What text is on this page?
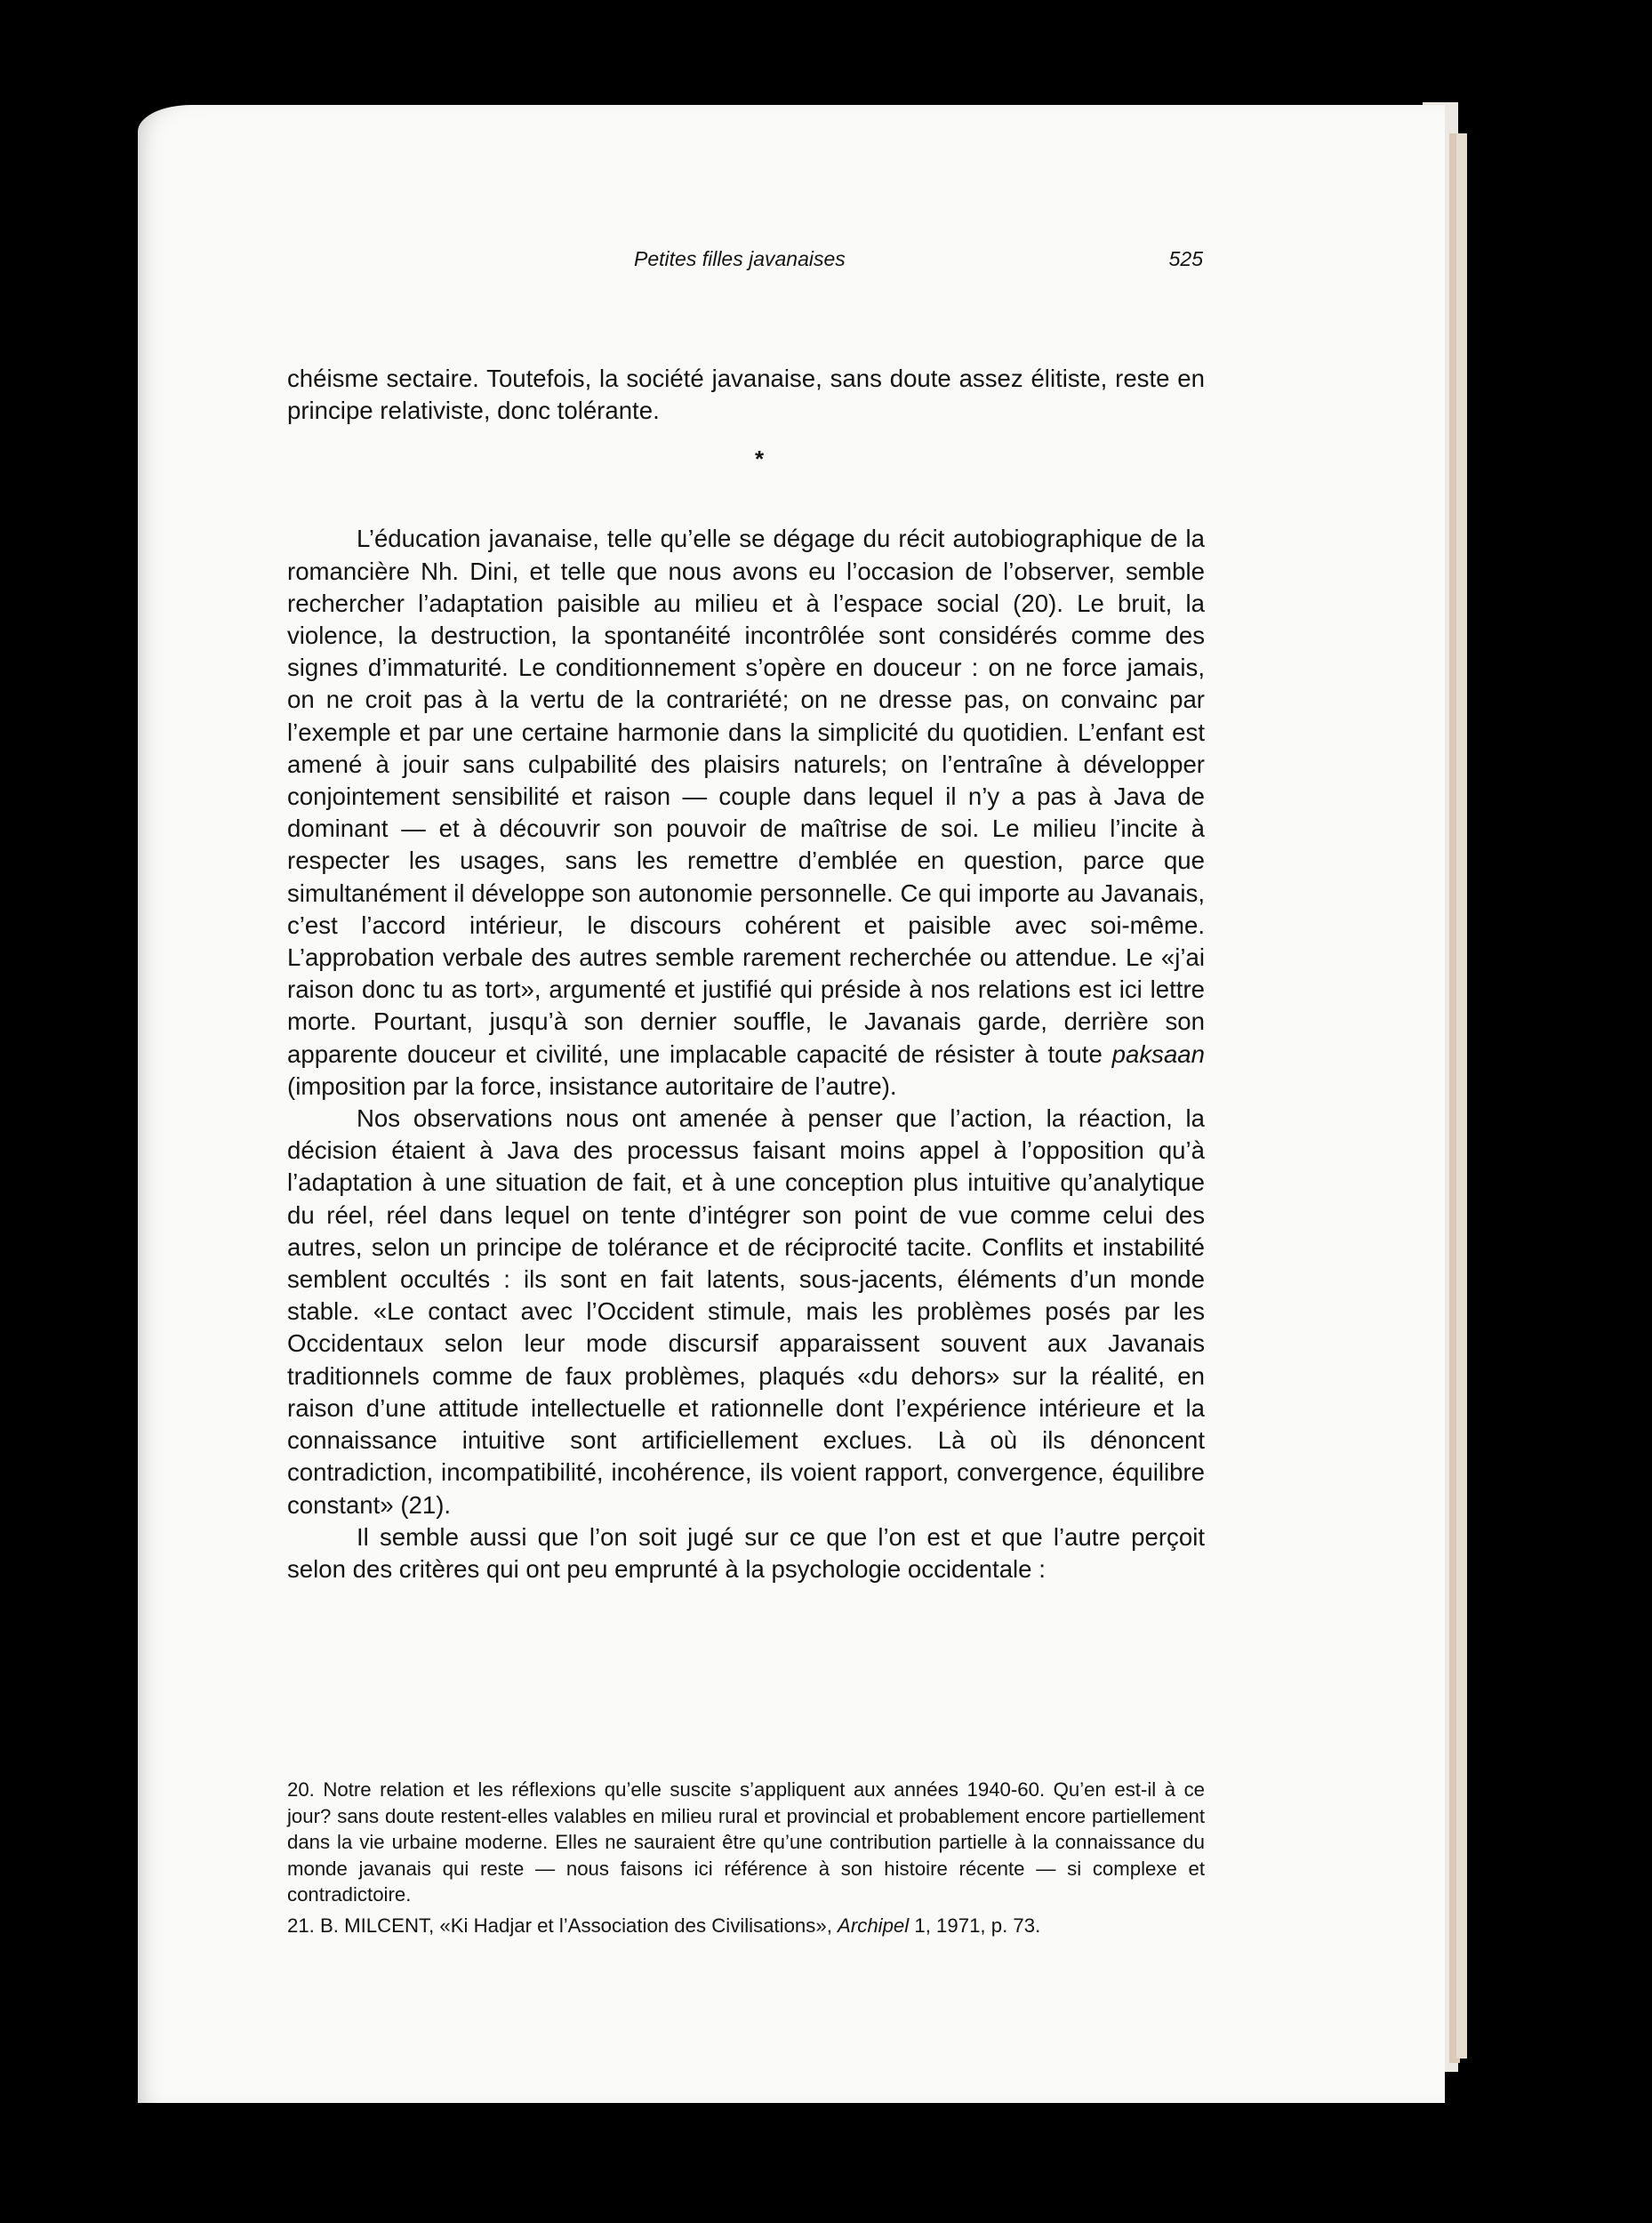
Petites filles javanaises	525

chéisme sectaire. Toutefois, la société javanaise, sans doute assez élitiste, reste en principe relativiste, donc tolérante.

*

L’éducation javanaise, telle qu’elle se dégage du récit autobiographique de la romancière Nh. Dini, et telle que nous avons eu l’occasion de l’observer, semble rechercher l’adaptation paisible au milieu et à l’espace social (20). Le bruit, la violence, la destruction, la spontanéité incontrôlée sont considérés comme des signes d’immaturité. Le conditionnement s’opère en douceur : on ne force jamais, on ne croit pas à la vertu de la contrariété; on ne dresse pas, on convainc par l’exemple et par une certaine harmonie dans la simplicité du quotidien. L’enfant est amené à jouir sans culpabilité des plaisirs naturels; on l’entraîne à développer conjointement sensibilité et raison — couple dans lequel il n’y a pas à Java de dominant — et à découvrir son pouvoir de maîtrise de soi. Le milieu l’incite à respecter les usages, sans les remettre d’emblée en question, parce que simultanément il développe son autonomie personnelle. Ce qui importe au Javanais, c’est l’accord intérieur, le discours cohérent et paisible avec soi-même. L’approbation verbale des autres semble rarement recherchée ou attendue. Le «j’ai raison donc tu as tort», argumenté et justifié qui préside à nos relations est ici lettre morte. Pourtant, jusqu’à son dernier souffle, le Javanais garde, derrière son apparente douceur et civilité, une implacable capacité de résister à toute paksaan (imposition par la force, insistance autoritaire de l’autre).

Nos observations nous ont amenée à penser que l’action, la réaction, la décision étaient à Java des processus faisant moins appel à l’opposition qu’à l’adaptation à une situation de fait, et à une conception plus intuitive qu’analytique du réel, réel dans lequel on tente d’intégrer son point de vue comme celui des autres, selon un principe de tolérance et de réciprocité tacite. Conflits et instabilité semblent occultés : ils sont en fait latents, sous-jacents, éléments d’un monde stable. «Le contact avec l’Occident stimule, mais les problèmes posés par les Occidentaux selon leur mode discursif apparaissent souvent aux Javanais traditionnels comme de faux problèmes, plaqués «du dehors» sur la réalité, en raison d’une attitude intellectuelle et rationnelle dont l’expérience intérieure et la connaissance intuitive sont artificiellement exclues. Là où ils dénoncent contradiction, incompatibilité, incohérence, ils voient rapport, convergence, équilibre constant» (21).

Il semble aussi que l’on soit jugé sur ce que l’on est et que l’autre perçoit selon des critères qui ont peu emprunté à la psychologie occidentale :

20. Notre relation et les réflexions qu’elle suscite s’appliquent aux années 1940-60. Qu’en est-il à ce jour? sans doute restent-elles valables en milieu rural et provincial et probablement encore partiellement dans la vie urbaine moderne. Elles ne sauraient être qu’une contribution partielle à la connaissance du monde javanais qui reste — nous faisons ici référence à son histoire récente — si complexe et contradictoire.

21. B. MILCENT, «Ki Hadjar et l’Association des Civilisations», Archipel 1, 1971, p. 73.
